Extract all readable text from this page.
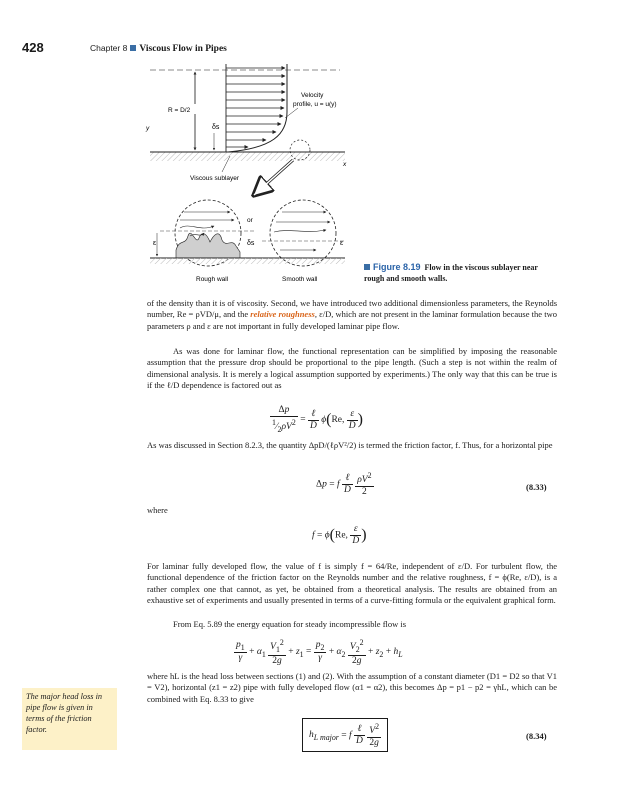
428	Chapter 8 Viscous Flow in Pipes
R = D/2
Velocity
profile, u = u(y)
y
x
δs
Viscous sublayer
ε
Rough wall
or
δs	ε
Smooth wall
Figure 8.19 Flow in the viscous sublayer near rough and smooth walls.
of the density than it is of viscosity. Second, we have introduced two additional dimensionless parameters, the Reynolds number, Re = ρVD/μ, and the relative roughness, ε/D, which are not present in the laminar formulation because the two parameters ρ and ε are not important in fully developed laminar pipe flow.
As was done for laminar flow, the functional representation can be simplified by imposing the reasonable assumption that the pressure drop should be proportional to the pipe length. (Such a step is not within the realm of dimensional analysis. It is merely a logical assumption supported by experiments.) The only way that this can be true is if the ℓ/D dependence is factored out as
$\frac{\Delta p}{^1⁄_2\rho V^2} = \frac{\text{ℓ}}{D} \phi(Re$, $\frac{\varepsilon}{D}$ )
As was discussed in Section 8.2.3, the quantity ΔpD/(ℓρV²/2) is termed the friction factor, f. Thus, for a horizontal pipe
Δp = f $\frac{\text{ℓ}}{D}$
$\frac{\rho V^2}{2}$	(8.33)
where
f = ϕ(Re, $\frac{\varepsilon}{D}$ )
For laminar fully developed flow, the value of f is simply f = 64/Re, independent of ε/D. For turbulent flow, the functional dependence of the friction factor on the Reynolds number and the relative roughness, f = ϕ(Re, ε/D), is a rather complex one that cannot, as yet, be obtained from a theoretical analysis. The results are obtained from an exhaustive set of experiments and usually presented in terms of a curve-fitting formula or the equivalent graphical form.
From Eq. 5.89 the energy equation for steady incompressible flow is
$\frac{p_1}{\gamma} + \alpha_1 \frac{V_1^2}{2g} + z_1 = \frac{p_2}{\gamma} + \alpha_2 \frac{V_2^2}{2g} + z_2 + h_L$
where hL is the head loss between sections (1) and (2). With the assumption of a constant diameter (D1 = D2 so that V1 = V2), horizontal (z1 = z2) pipe with fully developed flow (α1 = α2), this becomes Δp = p1 − p2 = γhL, which can be combined with Eq. 8.33 to give
$h_{L major} = f \frac{\text{ℓ}}{D}$
$\frac{V^2}{2g}$	(8.34)
The major head loss in pipe flow is given in terms of the friction factor.
